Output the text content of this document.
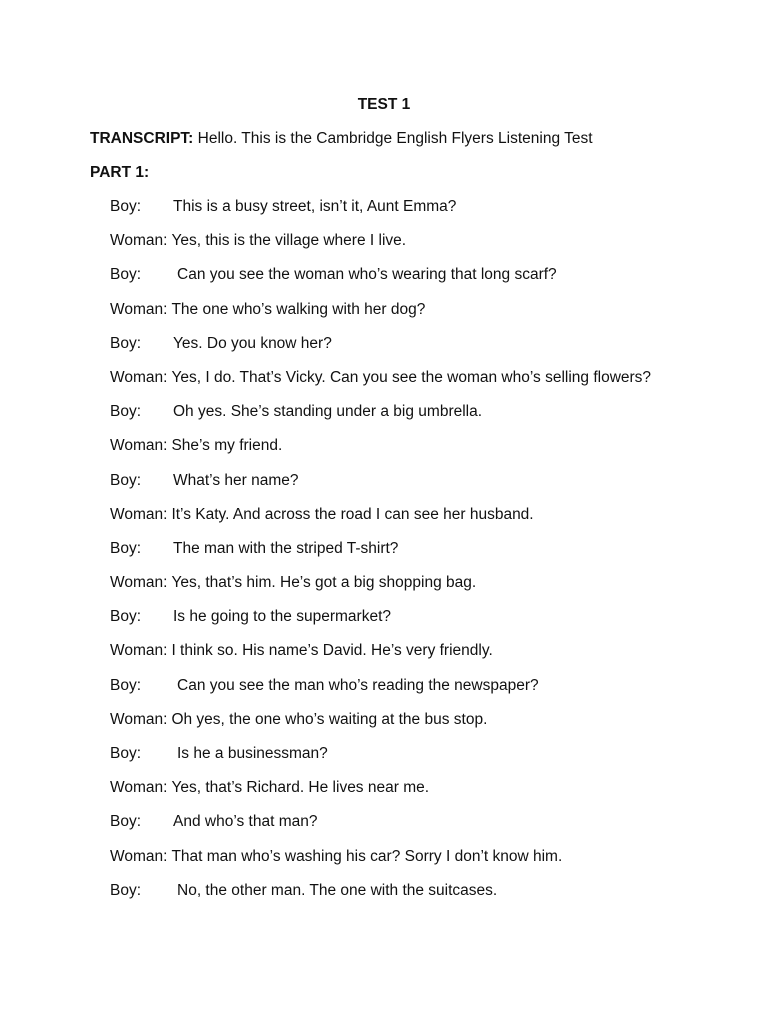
TEST 1
TRANSCRIPT: Hello. This is the Cambridge English Flyers Listening Test
PART 1:
Boy: This is a busy street, isn’t it, Aunt Emma?
Woman: Yes, this is the village where I live.
Boy: Can you see the woman who’s wearing that long scarf?
Woman: The one who’s walking with her dog?
Boy: Yes. Do you know her?
Woman: Yes, I do. That’s Vicky. Can you see the woman who’s selling flowers?
Boy: Oh yes. She’s standing under a big umbrella.
Woman: She’s my friend.
Boy: What’s her name?
Woman: It’s Katy. And across the road I can see her husband.
Boy: The man with the striped T-shirt?
Woman: Yes, that’s him. He’s got a big shopping bag.
Boy: Is he going to the supermarket?
Woman: I think so. His name’s David. He’s very friendly.
Boy: Can you see the man who’s reading the newspaper?
Woman: Oh yes, the one who’s waiting at the bus stop.
Boy: Is he a businessman?
Woman: Yes, that’s Richard. He lives near me.
Boy: And who’s that man?
Woman: That man who’s washing his car? Sorry I don’t know him.
Boy: No, the other man. The one with the suitcases.
